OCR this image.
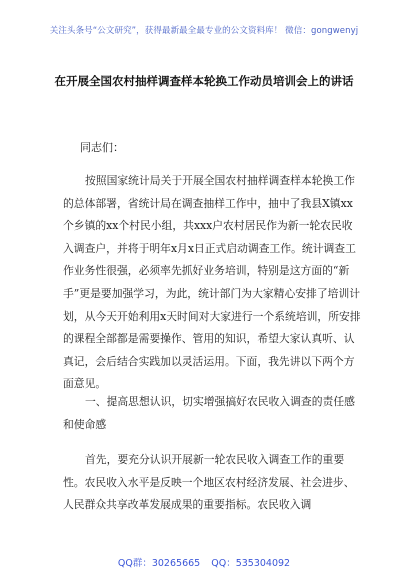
关注头条号“公文研究”，获得最新最全最专业的公文资料库！ 微信：gongwenyj
在开展全国农村抽样调查样本轮换工作动员培训会上的讲话
同志们：

按照国家统计局关于开展全国农村抽样调查样本轮换工作的总体部署，省统计局在调查抽样工作中，抽中了我县X镇xx个乡镇的xx个村民小组，共xxx户农村居民作为新一轮农民收入调查户，并将于明年x月x日正式启动调查工作。统计调查工作业务性很强，必须率先抓好业务培训，特别是这方面的“新手”更是要加强学习，为此，统计部门为大家精心安排了培训计划，从今天开始利用x天时间对大家进行一个系统培训，所安排的课程全部都是需要操作、管用的知识，希望大家认真听、认真记，会后结合实践加以灵活运用。下面，我先讲以下两个方面意见。

一、提高思想认识，切实增强搞好农民收入调查的责任感和使命感

首先，要充分认识开展新一轮农民收入调查工作的重要性。农民收入水平是反映一个地区农村经济发展、社会进步、人民群众共享改革发展成果的重要指标。农民收入调

QQ群：30265665 QQ：535304092
